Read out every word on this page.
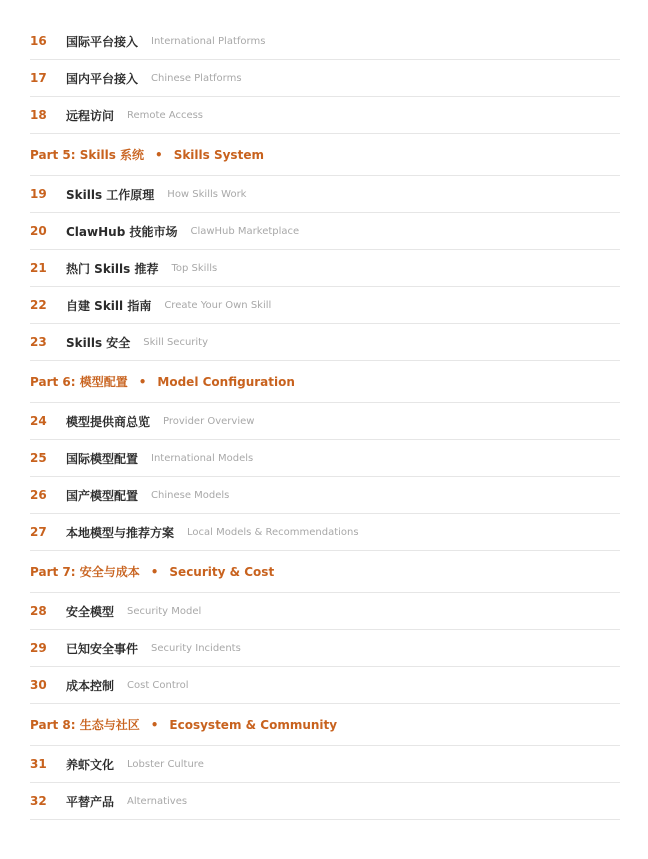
16	国际平台接入 International Platforms
17	国内平台接入 Chinese Platforms
18	远程访问 Remote Access
Part 5: Skills 系统 • Skills System
19	Skills 工作原理 How Skills Work
20	ClawHub 技能市场 ClawHub Marketplace
21	热门 Skills 推荐 Top Skills
22	自建 Skill 指南 Create Your Own Skill
23	Skills 安全 Skill Security
Part 6: 模型配置 • Model Configuration
24	模型提供商总览 Provider Overview
25	国际模型配置 International Models
26	国产模型配置 Chinese Models
27	本地模型与推荐方案 Local Models & Recommendations
Part 7: 安全与成本 • Security & Cost
28	安全模型 Security Model
29	已知安全事件 Security Incidents
30	成本控制 Cost Control
Part 8: 生态与社区 • Ecosystem & Community
31	养虾文化 Lobster Culture
32	平替产品 Alternatives
